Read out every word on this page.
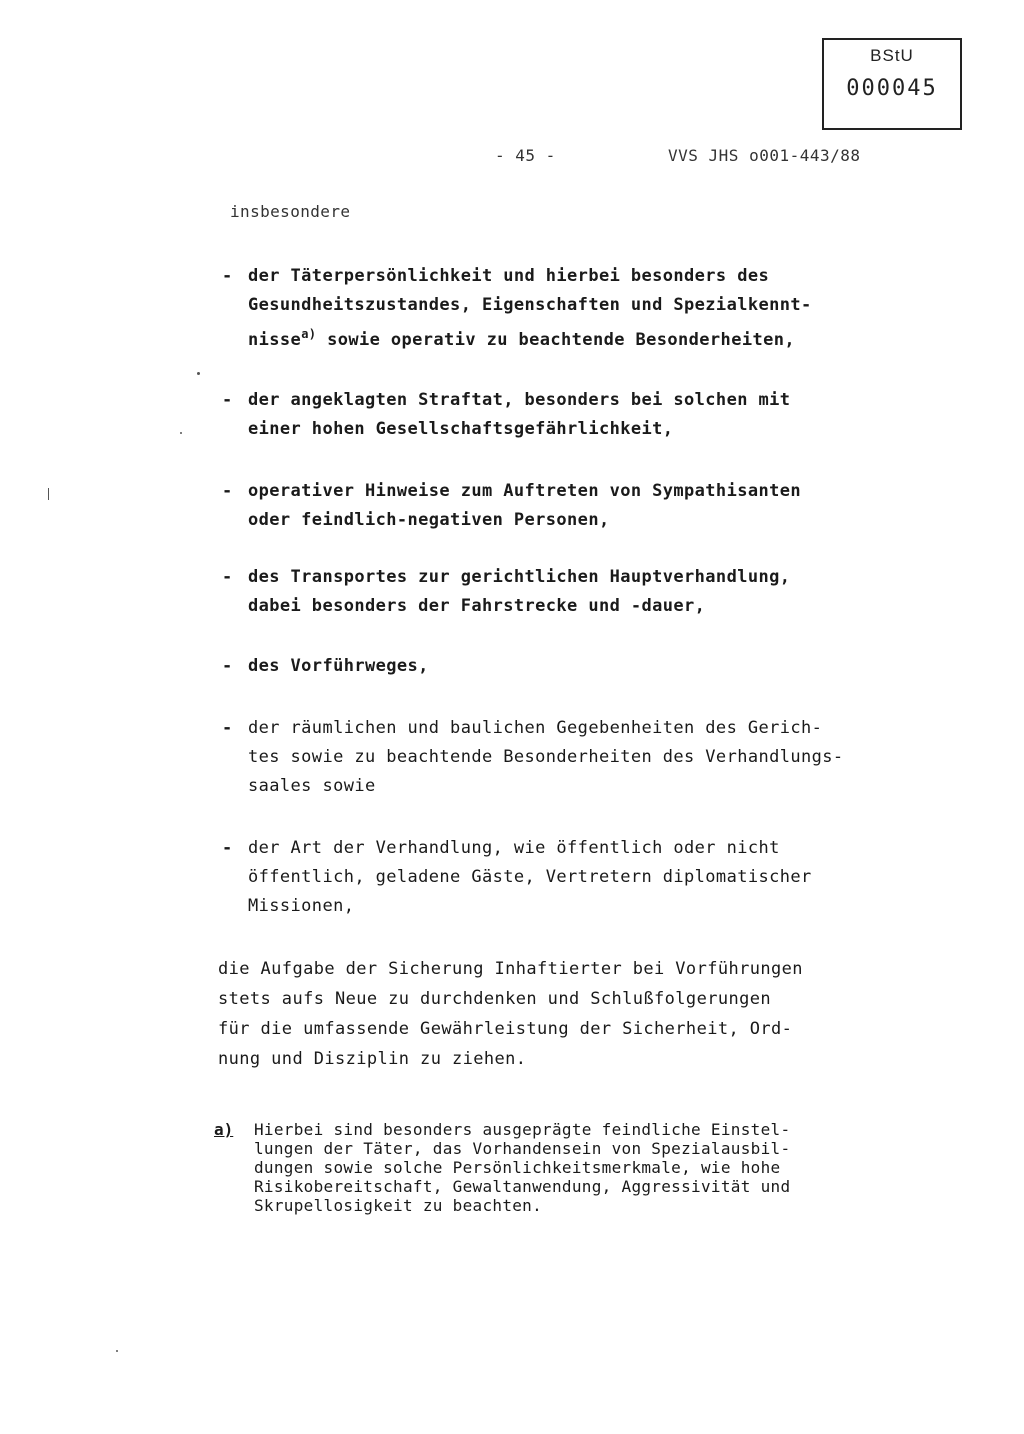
BStU
000045
- 45 -	VVS JHS o001-443/88
insbesondere
- der Täterpersönlichkeit und hierbei besonders des
Gesundheitszustandes, Eigenschaften und Spezialkennt-
nisse$^{a)}$ sowie operativ zu beachtende Besonderheiten,
- der angeklagten Straftat, besonders bei solchen mit
einer hohen Gesellschaftsgefährlichkeit,
- operativer Hinweise zum Auftreten von Sympathisanten
oder feindlich-negativen Personen,
- des Transportes zur gerichtlichen Hauptverhandlung,
dabei besonders der Fahrstrecke und -dauer,
- des Vorführweges,
- der räumlichen und baulichen Gegebenheiten des Gerich-
tes sowie zu beachtende Besonderheiten des Verhandlungs-
saales sowie
- der Art der Verhandlung, wie öffentlich oder nicht
öffentlich, geladene Gäste, Vertretern diplomatischer
Missionen,
die Aufgabe der Sicherung Inhaftierter bei Vorführungen
stets aufs Neue zu durchdenken und Schlußfolgerungen
für die umfassende Gewährleistung der Sicherheit, Ord-
nung und Disziplin zu ziehen.
a) Hierbei sind besonders ausgeprägte feindliche Einstel-
lungen der Täter, das Vorhandensein von Spezialausbil-
dungen sowie solche Persönlichkeitsmerkmale, wie hohe
Risikobereitschaft, Gewaltanwendung, Aggressivität und
Skrupellosigkeit zu beachten.
